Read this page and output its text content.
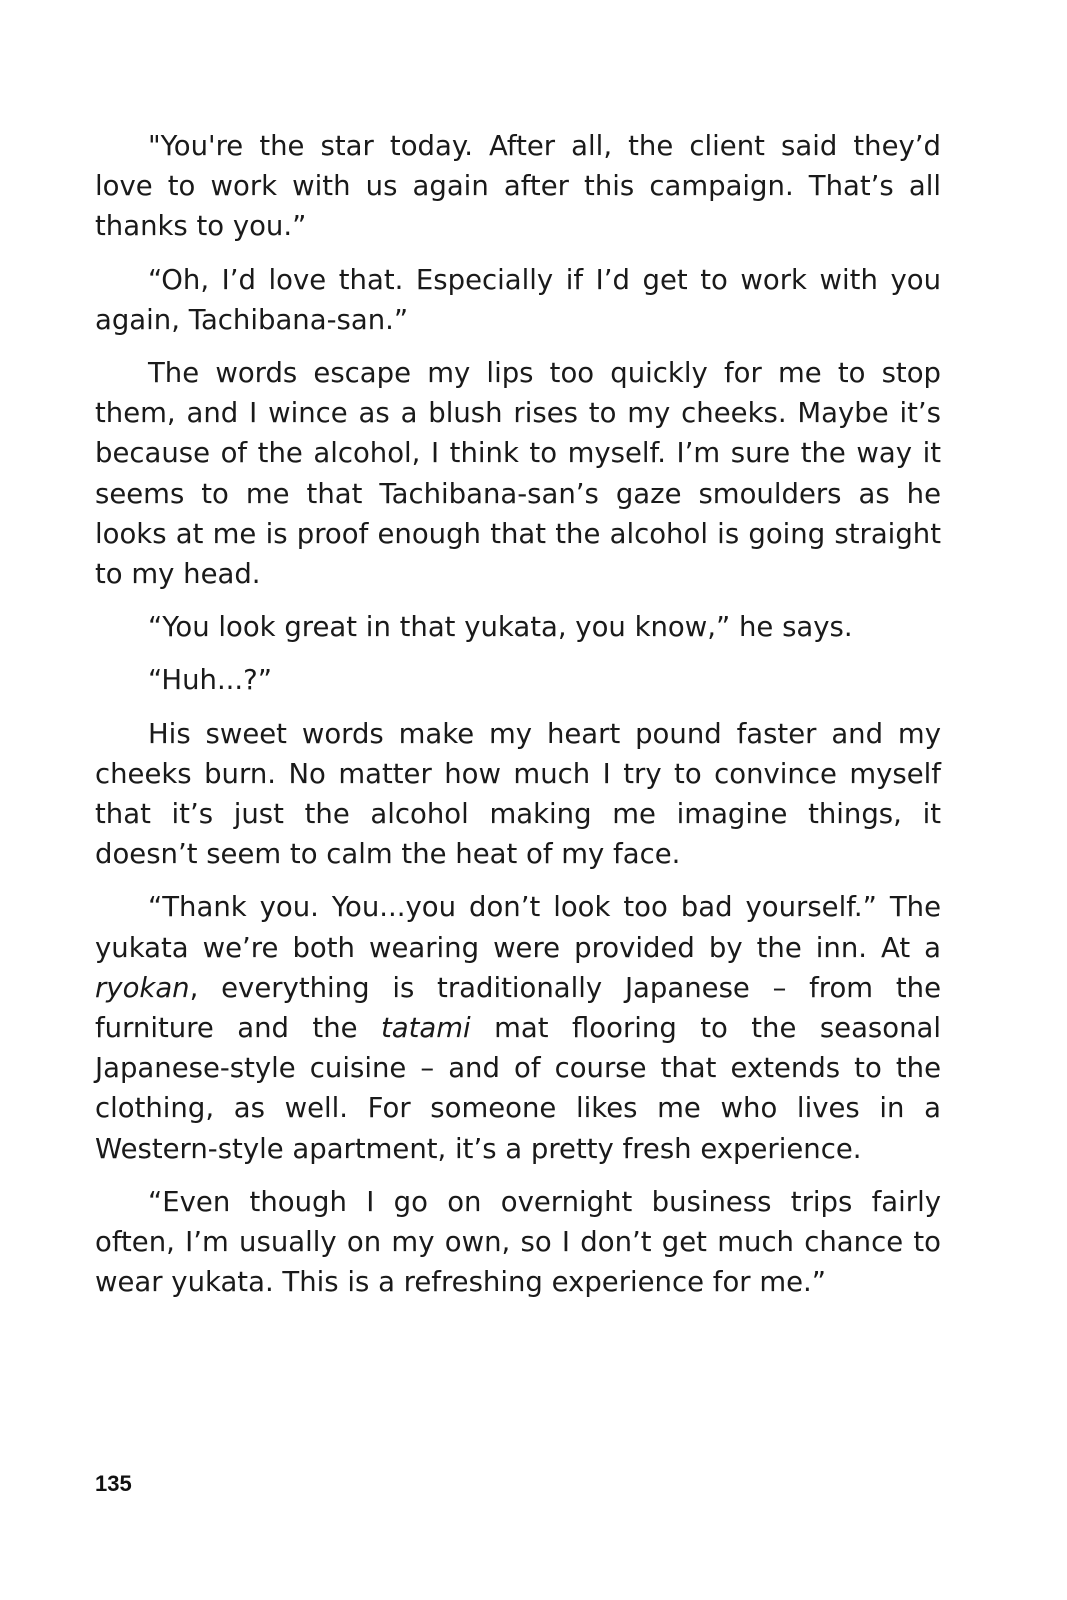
"You're the star today. After all, the client said they’d love to work with us again after this campaign. That’s all thanks to you.”

“Oh, I’d love that. Especially if I’d get to work with you again, Tachibana-san.”

The words escape my lips too quickly for me to stop them, and I wince as a blush rises to my cheeks. Maybe it’s because of the alcohol, I think to myself. I’m sure the way it seems to me that Tachibana-san’s gaze smoulders as he looks at me is proof enough that the alcohol is going straight to my head.

“You look great in that yukata, you know,” he says.

“Huh...?”

His sweet words make my heart pound faster and my cheeks burn. No matter how much I try to convince myself that it’s just the alcohol making me imagine things, it doesn’t seem to calm the heat of my face.

“Thank you. You...you don’t look too bad yourself.” The yukata we’re both wearing were provided by the inn. At a ryokan, everything is traditionally Japanese – from the furniture and the tatami mat flooring to the seasonal Japanese-style cuisine – and of course that extends to the clothing, as well. For someone likes me who lives in a Western-style apartment, it’s a pretty fresh experience.

“Even though I go on overnight business trips fairly often, I’m usually on my own, so I don’t get much chance to wear yukata. This is a refreshing experience for me.”

135
